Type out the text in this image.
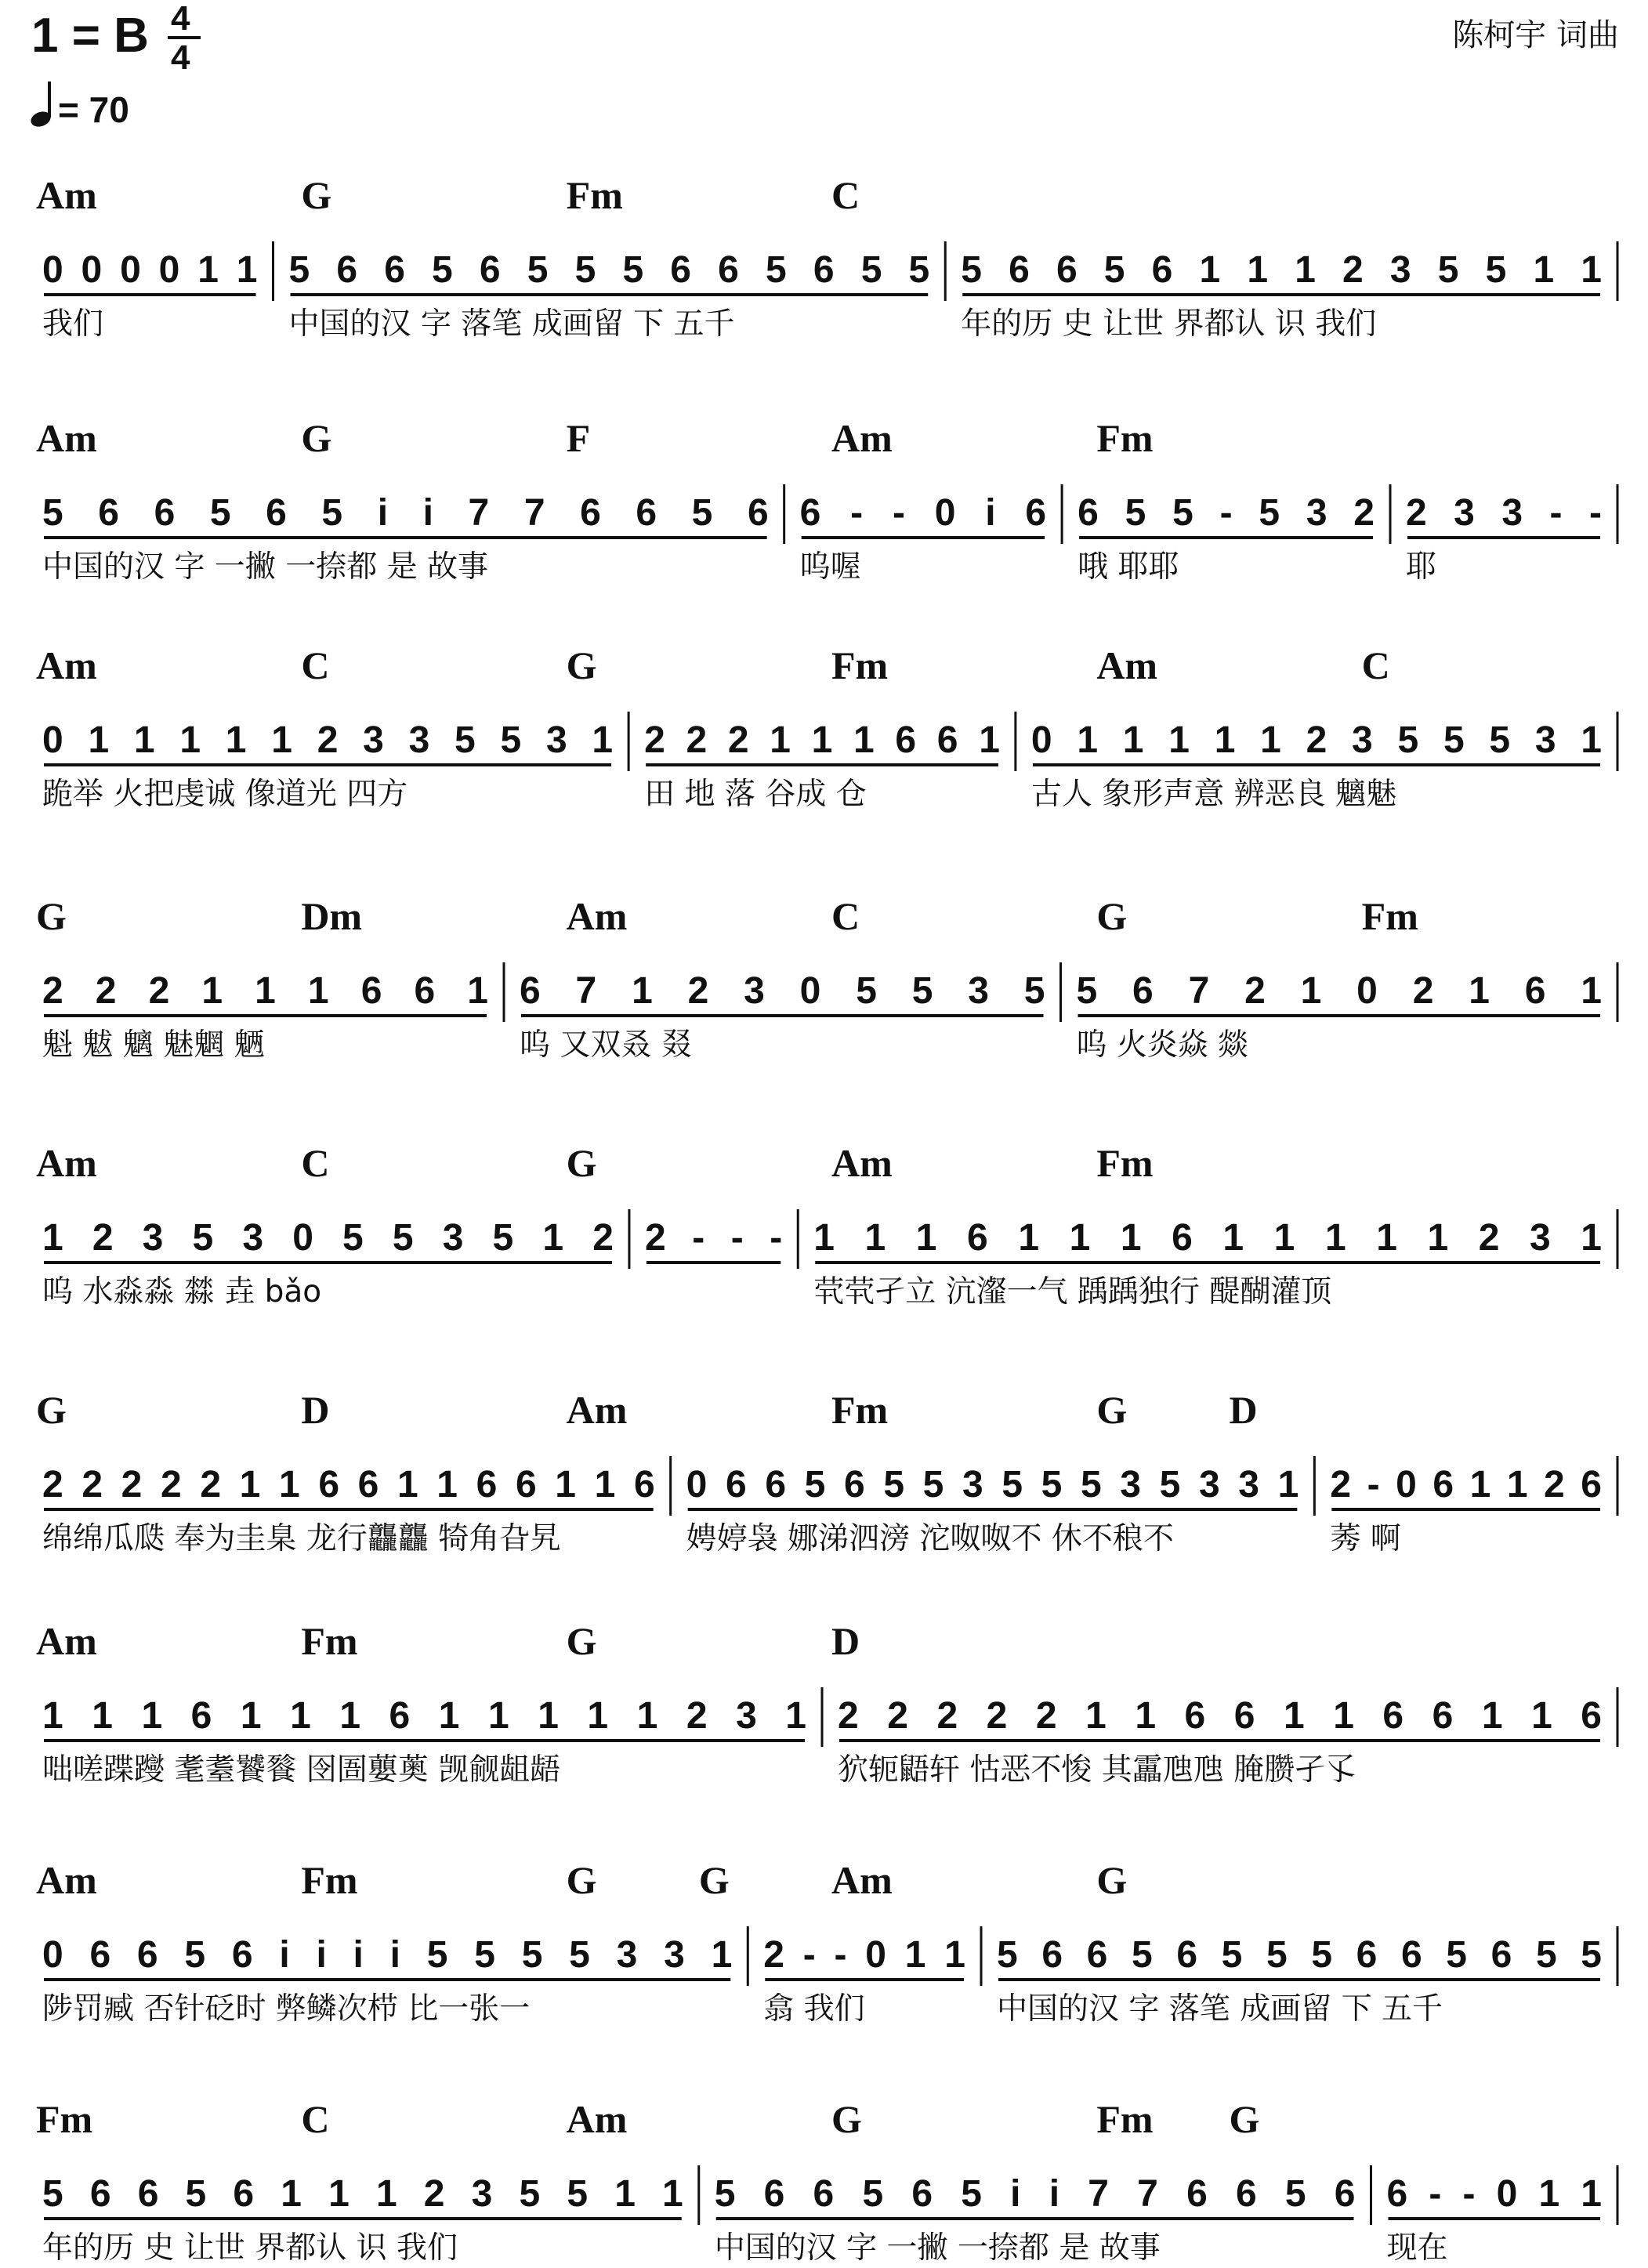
1 = B 4
4
= 70
陈柯宇 词曲
0 0 0 0 1 1
我们
5 6 6 5 6 5 5 5 6 6 5 6 5 5
中国的汉 字 落笔 成画留 下 五千
5 6 6 5 6 1 1 1 2 3 5 5 1 1
年的历 史 让世 界都认 识 我们
Am	G	Fm	C
5 6 6 5 6 5 i i 7 7 6 6 5 6
中国的汉 字 一撇 一捺都 是 故事
6 - - 0 i 6
呜喔
6 5 5 - 5 3 2
哦 耶耶
2 3 3 - -
耶
Am	G	F	Am	Fm
0 1 1 1 1 1 2 3 3 5 5 3 1
跪举 火把虔诚 像道光 四方
2 2 2 1 1 1 6 6 1
田 地 落 谷成 仓
0 1 1 1 1 1 2 3 5 5 5 3 1
古人 象形声意 辨恶良 魑魅
Am	C	G	Fm	Am	C
2 2 2 1 1 1 6 6 1
魁 魃 魑 魅魍 魉
6 7 1 2 3 0 5 5 3 5
呜 又双叒 叕
5 6 7 2 1 0 2 1 6 1
呜 火炎焱 燚
G	Dm	Am	C	G	Fm
1 2 3 5 3 0 5 5 3 5 1 2
呜 水淼淼 㵘 垚 bǎo
2 - - - 1 1 1 6 1 1 1 6 1 1 1 1 1 2 3 1
茕茕孑立 沆瀣一气 踽踽独行 醍醐灌顶
Am	C	G	Am	Fm
2 2 2 2 2 1 1 6 6 1 1 6 6 1 1 6
绵绵瓜瓞 奉为圭臬 龙行龘龘 犄角旮旯
0 6 6 5 6 5 5 3 5 5 5 3 5 3 3 1
娉婷袅 娜涕泗滂 沱呶呶不 休不稂不
2 - 0 6 1 1 2 6
莠 啊
G	D	Am	Fm	G	D
1 1 1 6 1 1 1 6 1 1 1 1 1 2 3 1
咄嗟蹀躞 耄耋饕餮 囹圄蘡薁 觊觎龃龉
2 2 2 2 2 1 1 6 6 1 1 6 6 1 1 6
狖轭鼯轩 怙恶不悛 其靁虺虺 腌臜孑孓
Am	Fm	G	D
0 6 6 5 6 i i i i 5 5 5 5 3 3 1
陟罚臧 否针砭时 弊鳞次栉 比一张一
2 - - 0 1 1
翕 我们
5 6 6 5 6 5 5 5 6 6 5 6 5 5
中国的汉 字 落笔 成画留 下 五千
Am	Fm	G	G	Am	G
5 6 6 5 6 1 1 1 2 3 5 5 1 1
年的历 史 让世 界都认 识 我们
5 6 6 5 6 5 i i 7 7 6 6 5 6
中国的汉 字 一撇 一捺都 是 故事
6 - - 0 1 1
现在
Fm	C	Am	G	Fm G
